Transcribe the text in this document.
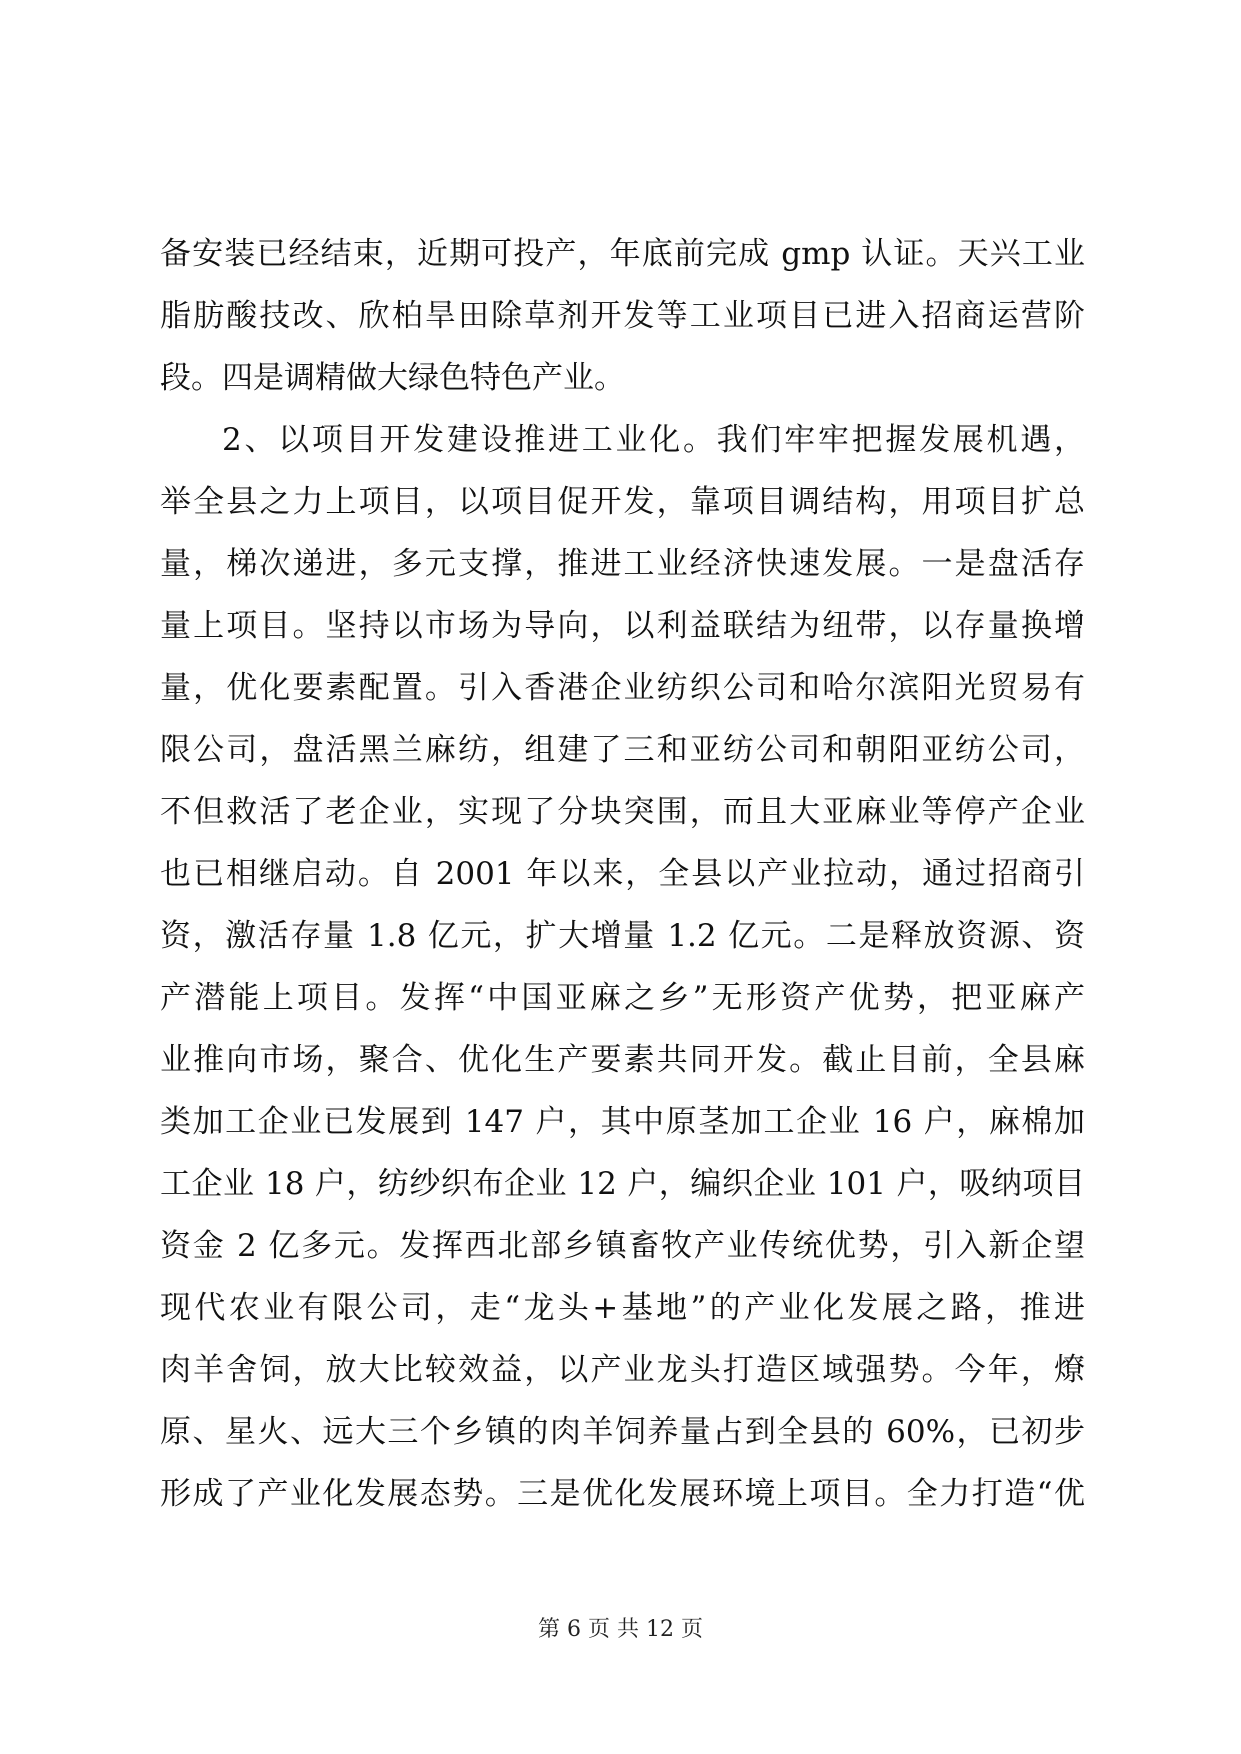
备安装已经结束，近期可投产，年底前完成 gmp 认证。天兴工业
脂肪酸技改、欣柏旱田除草剂开发等工业项目已进入招商运营阶
段。四是调精做大绿色特色产业。
2、以项目开发建设推进工业化。我们牢牢把握发展机遇，
举全县之力上项目，以项目促开发，靠项目调结构，用项目扩总
量，梯次递进，多元支撑，推进工业经济快速发展。一是盘活存
量上项目。坚持以市场为导向，以利益联结为纽带，以存量换增
量，优化要素配置。引入香港企业纺织公司和哈尔滨阳光贸易有
限公司，盘活黑兰麻纺，组建了三和亚纺公司和朝阳亚纺公司，
不但救活了老企业，实现了分块突围，而且大亚麻业等停产企业
也已相继启动。自 2001 年以来，全县以产业拉动，通过招商引
资，激活存量 1.8 亿元，扩大增量 1.2 亿元。二是释放资源、资
产潜能上项目。发挥“中国亚麻之乡”无形资产优势，把亚麻产
业推向市场，聚合、优化生产要素共同开发。截止目前，全县麻
类加工企业已发展到 147 户，其中原茎加工企业 16 户，麻棉加
工企业 18 户，纺纱织布企业 12 户，编织企业 101 户，吸纳项目
资金 2 亿多元。发挥西北部乡镇畜牧产业传统优势，引入新企望
现代农业有限公司，走“龙头+基地”的产业化发展之路，推进
肉羊舍饲，放大比较效益，以产业龙头打造区域强势。今年，燎
原、星火、远大三个乡镇的肉羊饲养量占到全县的 60%，已初步
形成了产业化发展态势。三是优化发展环境上项目。全力打造“优
第 6 页 共 12 页
